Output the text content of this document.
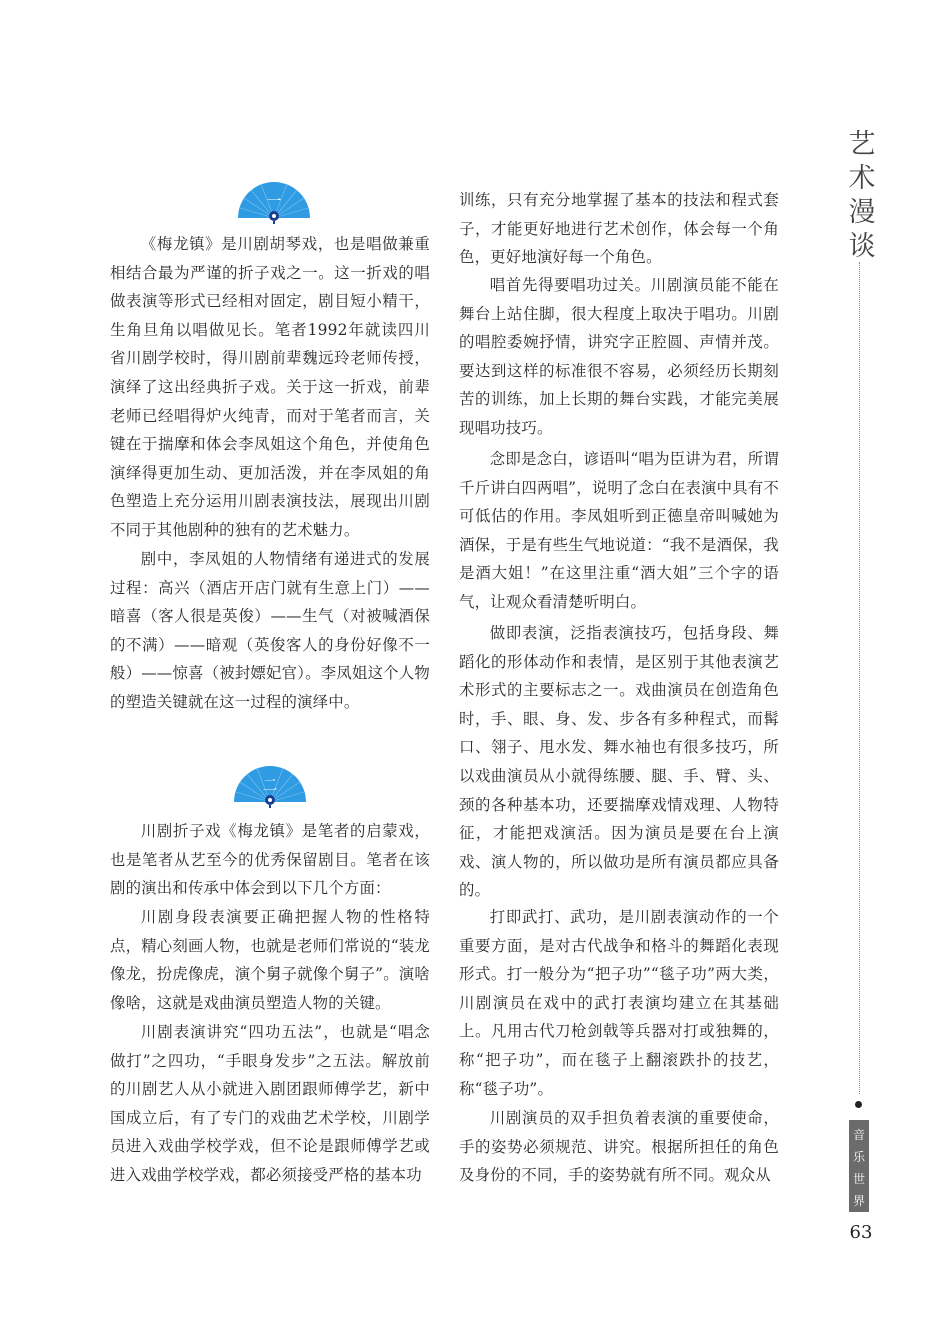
一

《梅龙镇》是川剧胡琴戏，也是唱做兼重相结合最为严谨的折子戏之一。这一折戏的唱做表演等形式已经相对固定，剧目短小精干，生角旦角以唱做见长。笔者1992年就读四川省川剧学校时，得川剧前辈魏远玲老师传授，演绎了这出经典折子戏。关于这一折戏，前辈老师已经唱得炉火纯青，而对于笔者而言，关键在于揣摩和体会李凤姐这个角色，并使角色演绎得更加生动、更加活泼，并在李凤姐的角色塑造上充分运用川剧表演技法，展现出川剧不同于其他剧种的独有的艺术魅力。

剧中，李凤姐的人物情绪有递进式的发展过程：高兴（酒店开店门就有生意上门）——暗喜（客人很是英俊）——生气（对被喊酒保的不满）——暗观（英俊客人的身份好像不一般）——惊喜（被封嫖妃官）。李凤姐这个人物的塑造关键就在这一过程的演绎中。

二

川剧折子戏《梅龙镇》是笔者的启蒙戏，也是笔者从艺至今的优秀保留剧目。笔者在该剧的演出和传承中体会到以下几个方面：

川剧身段表演要正确把握人物的性格特点，精心刻画人物，也就是老师们常说的“装龙像龙，扮虎像虎，演个舅子就像个舅子”。演啥像啥，这就是戏曲演员塑造人物的关键。

川剧表演讲究“四功五法”，也就是“唱念做打”之四功，“手眼身发步”之五法。解放前的川剧艺人从小就进入剧团跟师傅学艺，新中国成立后，有了专门的戏曲艺术学校，川剧学员进入戏曲学校学戏，但不论是跟师傅学艺或进入戏曲学校学戏，都必须接受严格的基本功

训练，只有充分地掌握了基本的技法和程式套子，才能更好地进行艺术创作，体会每一个角色，更好地演好每一个角色。

唱首先得要唱功过关。川剧演员能不能在舞台上站住脚，很大程度上取决于唱功。川剧的唱腔委婉抒情，讲究字正腔圆、声情并茂。要达到这样的标准很不容易，必须经历长期刻苦的训练，加上长期的舞台实践，才能完美展现唱功技巧。

念即是念白，谚语叫“唱为臣讲为君，所谓千斤讲白四两唱”，说明了念白在表演中具有不可低估的作用。李凤姐听到正德皇帝叫喊她为酒保，于是有些生气地说道：“我不是酒保，我是酒大姐！”在这里注重“酒大姐”三个字的语气，让观众看清楚听明白。

做即表演，泛指表演技巧，包括身段、舞蹈化的形体动作和表情，是区别于其他表演艺术形式的主要标志之一。戏曲演员在创造角色时，手、眼、身、发、步各有多种程式，而髯口、翎子、甩水发、舞水袖也有很多技巧，所以戏曲演员从小就得练腰、腿、手、臂、头、颈的各种基本功，还要揣摩戏情戏理、人物特征，才能把戏演活。因为演员是要在台上演戏、演人物的，所以做功是所有演员都应具备的。

打即武打、武功，是川剧表演动作的一个重要方面，是对古代战争和格斗的舞蹈化表现形式。打一般分为“把子功”“毯子功”两大类，川剧演员在戏中的武打表演均建立在其基础上。凡用古代刀枪剑戟等兵器对打或独舞的，称“把子功”，而在毯子上翻滚跌扑的技艺，称“毯子功”。

川剧演员的双手担负着表演的重要使命，手的姿势必须规范、讲究。根据所担任的角色及身份的不同，手的姿势就有所不同。观众从

艺
术
漫
谈
音
乐
世
界
63
